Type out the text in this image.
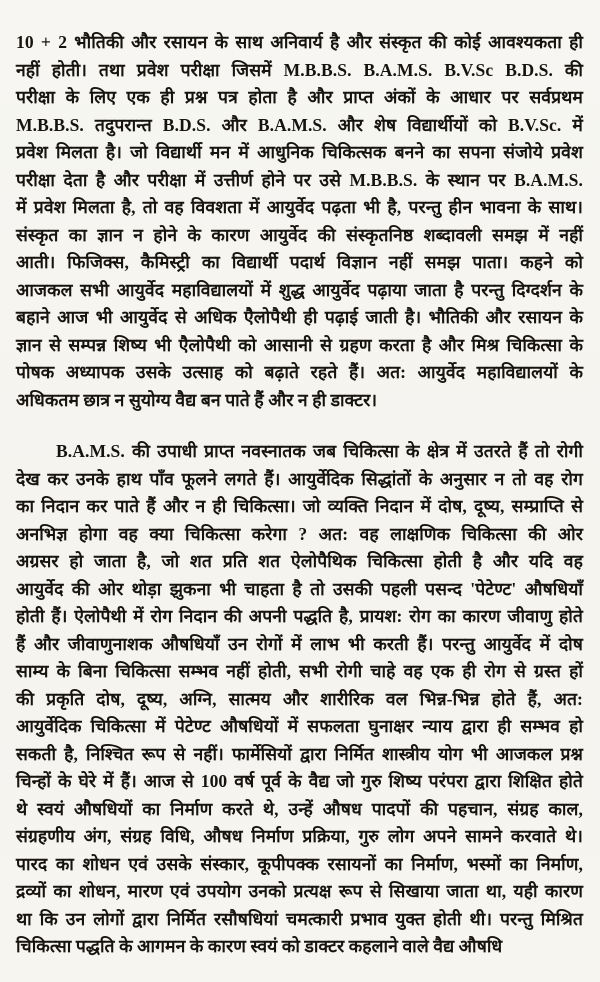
10 + 2 भौतिकी और रसायन के साथ अनिवार्य है और संस्कृत की कोई आवश्यकता ही
नहीं होती। तथा प्रवेश परीक्षा जिसमें M.B.B.S. B.A.M.S. B.V.Sc B.D.S. की
परीक्षा के लिए एक ही प्रश्न पत्र होता है और प्राप्त अंकों के आधार पर सर्वप्रथम
M.B.B.S. तदुपरान्त B.D.S. और B.A.M.S. और शेष विद्यार्थीयों को B.V.Sc. में
प्रवेश मिलता है। जो विद्यार्थी मन में आधुनिक चिकित्सक बनने का सपना संजोये प्रवेश
परीक्षा देता है और परीक्षा में उत्तीर्ण होने पर उसे M.B.B.S. के स्थान पर B.A.M.S.
में प्रवेश मिलता है, तो वह विवशता में आयुर्वेद पढ़ता भी है, परन्तु हीन भावना के साथ।
संस्कृत का ज्ञान न होने के कारण आयुर्वेद की संस्कृतनिष्ठ शब्दावली समझ में नहीं
आती। फिजिक्स, कैमिस्ट्री का विद्यार्थी पदार्थ विज्ञान नहीं समझ पाता। कहने को
आजकल सभी आयुर्वेद महाविद्यालयों में शुद्ध आयुर्वेद पढ़ाया जाता है परन्तु दिग्दर्शन के
बहाने आज भी आयुर्वेद से अधिक ऐैलोपैथी ही पढ़ाई जाती है। भौतिकी और रसायन के
ज्ञान से सम्पन्न शिष्य भी ऐैलोपैथी को आसानी से ग्रहण करता है और मिश्र चिकित्सा के
पोषक अध्यापक उसके उत्साह को बढ़ाते रहते हैं। अत: आयुर्वेद महाविद्यालयों के
अधिकतम छात्र न सुयोग्य वैद्य बन पाते हैं और न ही डाक्टर।
B.A.M.S. की उपाधी प्राप्त नवस्नातक जब चिकित्सा के क्षेत्र में उतरते हैं तो रोगी
देख कर उनके हाथ पाँव फूलने लगते हैं। आयुर्वेदिक सिद्धांतों के अनुसार न तो वह रोग
का निदान कर पाते हैं और न ही चिकित्सा। जो व्यक्ति निदान में दोष, दूष्य, सम्प्राप्ति से
अनभिज्ञ होगा वह क्या चिकित्सा करेगा ? अत: वह लाक्षणिक चिकित्सा की ओर
अग्रसर हो जाता है, जो शत प्रति शत ऐलोपैथिक चिकित्सा होती है और यदि वह
आयुर्वेद की ओर थोड़ा झुकना भी चाहता है तो उसकी पहली पसन्द 'पेटेण्ट' औषधियाँ
होती हैं। ऐलोपैथी में रोग निदान की अपनी पद्धति है, प्रायश: रोग का कारण जीवाणु होते
हैं और जीवाणुनाशक औषधियाँ उन रोगों में लाभ भी करती हैं। परन्तु आयुर्वेद में दोष
साम्य के बिना चिकित्सा सम्भव नहीं होती, सभी रोगी चाहे वह एक ही रोग से ग्रस्त हों
की प्रकृति दोष, दूष्य, अग्नि, सात्मय और शारीरिक वल भिन्न-भिन्न होते हैं, अत:
आयुर्वेदिक चिकित्सा में पेटेण्ट औषधियों में सफलता घुनाक्षर न्याय द्वारा ही सम्भव हो
सकती है, निश्चित रूप से नहीं। फार्मेसियों द्वारा निर्मित शास्त्रीय योग भी आजकल प्रश्न
चिन्हों के घेरे में हैं। आज से 100 वर्ष पूर्व के वैद्य जो गुरु शिष्य परंपरा द्वारा शिक्षित होते
थे स्वयं औषधियों का निर्माण करते थे, उन्हें औषध पादपों की पहचान, संग्रह काल,
संग्रहणीय अंग, संग्रह विधि, औषध निर्माण प्रक्रिया, गुरु लोग अपने सामने करवाते थे।
पारद का शोधन एवं उसके संस्कार, कूपीपक्क रसायनों का निर्माण, भस्मों का निर्माण,
द्रव्यों का शोधन, मारण एवं उपयोग उनको प्रत्यक्ष रूप से सिखाया जाता था, यही कारण
था कि उन लोगों द्वारा निर्मित रसौषधियां चमत्कारी प्रभाव युक्त होती थी। परन्तु मिश्रित
चिकित्सा पद्धति के आगमन के कारण स्वयं को डाक्टर कहलाने वाले वैद्य औषधि
